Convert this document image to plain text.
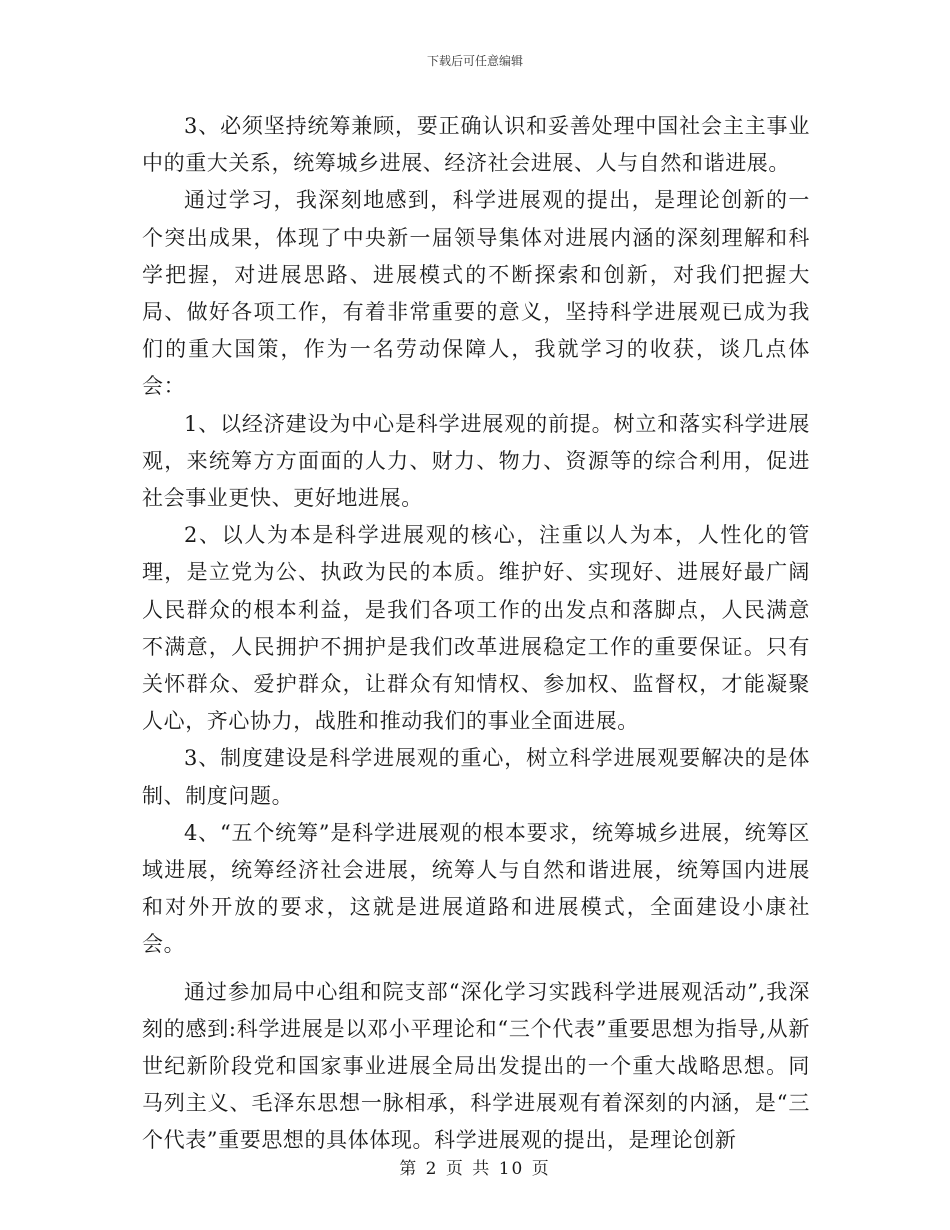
下载后可任意编辑

3、必须坚持统筹兼顾，要正确认识和妥善处理中国社会主主事业中的重大关系，统筹城乡进展、经济社会进展、人与自然和谐进展。

通过学习，我深刻地感到，科学进展观的提出，是理论创新的一个突出成果，体现了中央新一届领导集体对进展内涵的深刻理解和科学把握，对进展思路、进展模式的不断探索和创新，对我们把握大局、做好各项工作，有着非常重要的意义，坚持科学进展观已成为我们的重大国策，作为一名劳动保障人，我就学习的收获，谈几点体会：

1、以经济建设为中心是科学进展观的前提。树立和落实科学进展观，来统筹方方面面的人力、财力、物力、资源等的综合利用，促进社会事业更快、更好地进展。

2、以人为本是科学进展观的核心，注重以人为本，人性化的管理，是立党为公、执政为民的本质。维护好、实现好、进展好最广阔人民群众的根本利益，是我们各项工作的出发点和落脚点，人民满意不满意，人民拥护不拥护是我们改革进展稳定工作的重要保证。只有关怀群众、爱护群众，让群众有知情权、参加权、监督权，才能凝聚人心，齐心协力，战胜和推动我们的事业全面进展。

3、制度建设是科学进展观的重心，树立科学进展观要解决的是体制、制度问题。

4、“五个统筹”是科学进展观的根本要求，统筹城乡进展，统筹区域进展，统筹经济社会进展，统筹人与自然和谐进展，统筹国内进展和对外开放的要求，这就是进展道路和进展模式，全面建设小康社会。

通过参加局中心组和院支部“深化学习实践科学进展观活动”,我深刻的感到:科学进展是以邓小平理论和“三个代表”重要思想为指导,从新世纪新阶段党和国家事业进展全局出发提出的一个重大战略思想。同马列主义、毛泽东思想一脉相承，科学进展观有着深刻的内涵，是“三个代表”重要思想的具体体现。科学进展观的提出，是理论创新

第 2 页 共 10 页
